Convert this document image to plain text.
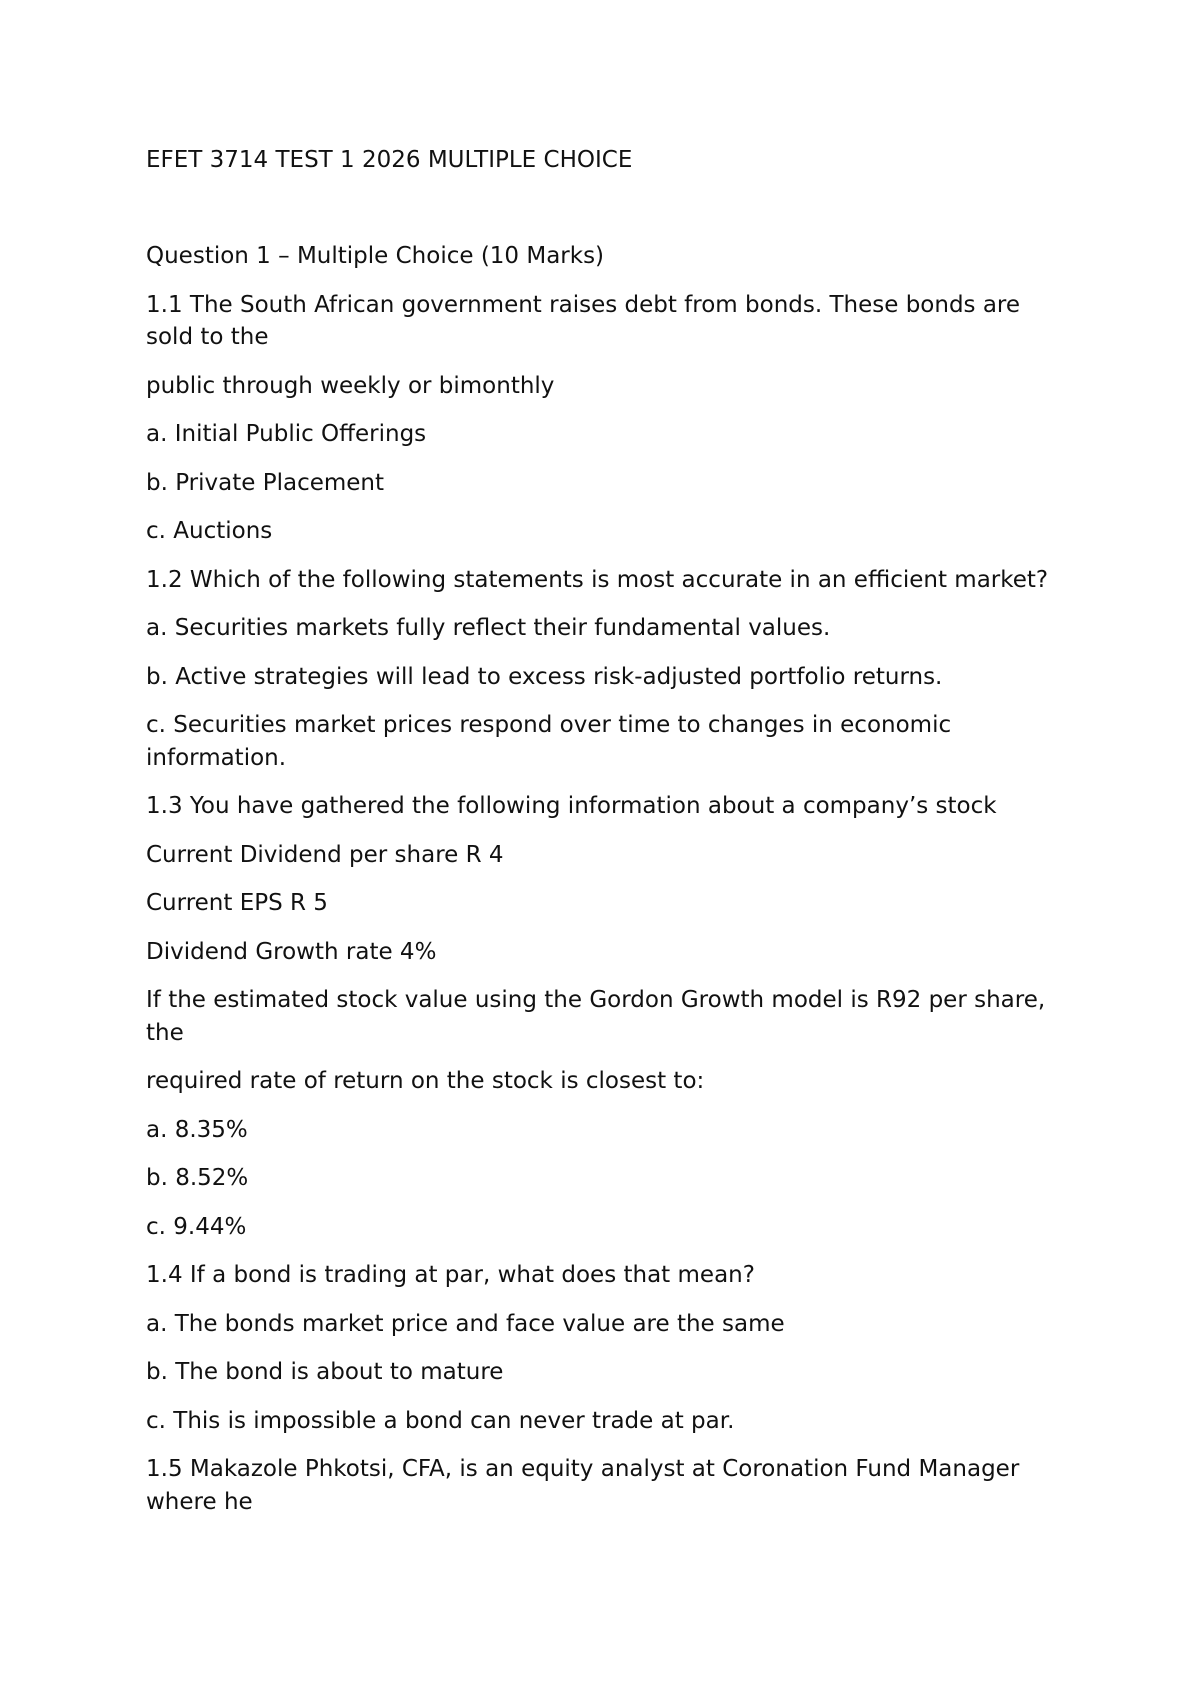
EFET 3714 TEST 1 2026 MULTIPLE CHOICE

Question 1 – Multiple Choice (10 Marks)

1.1 The South African government raises debt from bonds. These bonds are sold to the

public through weekly or bimonthly

a. Initial Public Offerings

b. Private Placement

c. Auctions

1.2 Which of the following statements is most accurate in an efficient market?

a. Securities markets fully reflect their fundamental values.

b. Active strategies will lead to excess risk-adjusted portfolio returns.

c. Securities market prices respond over time to changes in economic information.

1.3 You have gathered the following information about a company’s stock

Current Dividend per share R 4

Current EPS R 5

Dividend Growth rate 4%

If the estimated stock value using the Gordon Growth model is R92 per share, the

required rate of return on the stock is closest to:

a. 8.35%

b. 8.52%

c. 9.44%

1.4 If a bond is trading at par, what does that mean?

a. The bonds market price and face value are the same

b. The bond is about to mature

c. This is impossible a bond can never trade at par.

1.5 Makazole Phkotsi, CFA, is an equity analyst at Coronation Fund Manager where he
